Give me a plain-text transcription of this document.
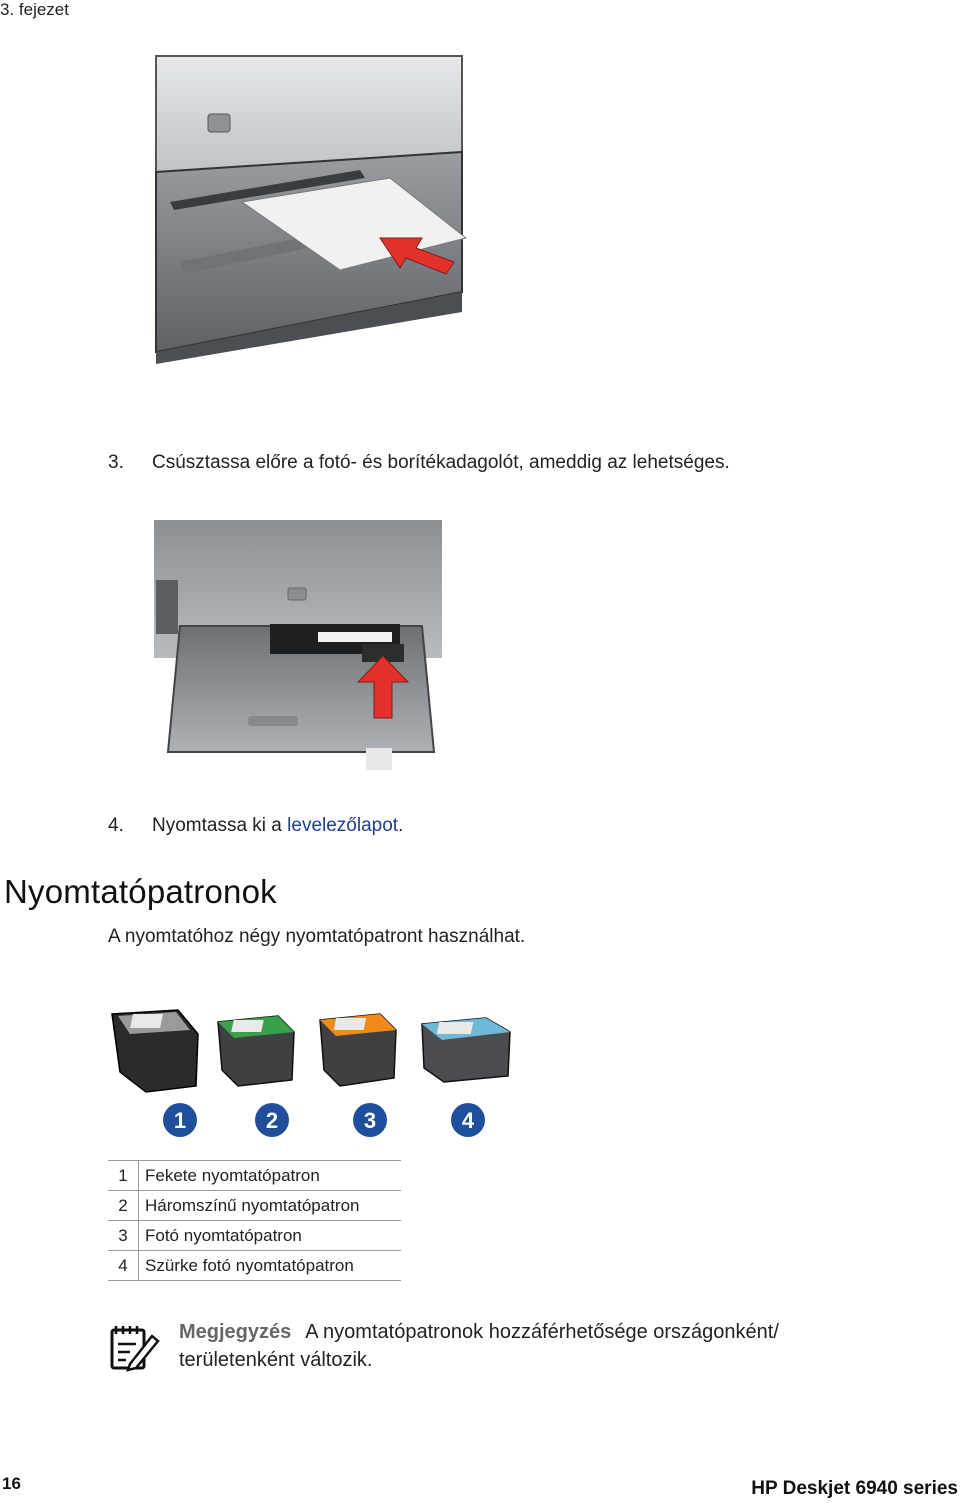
3. fejezet
3. Csúsztassa előre a fotó- és borítékadagolót, ameddig az lehetséges.
4. Nyomtassa ki a levelezőlapot.
Nyomtatópatronok
A nyomtatóhoz négy nyomtatópatront használhat.
1	2	3	4
1	Fekete nyomtatópatron
2	Háromszínű nyomtatópatron
3	Fotó nyomtatópatron
4	Szürke fotó nyomtatópatron
Megjegyzés A nyomtatópatronok hozzáférhetősége országonként/ területenként változik.
16	HP Deskjet 6940 series
